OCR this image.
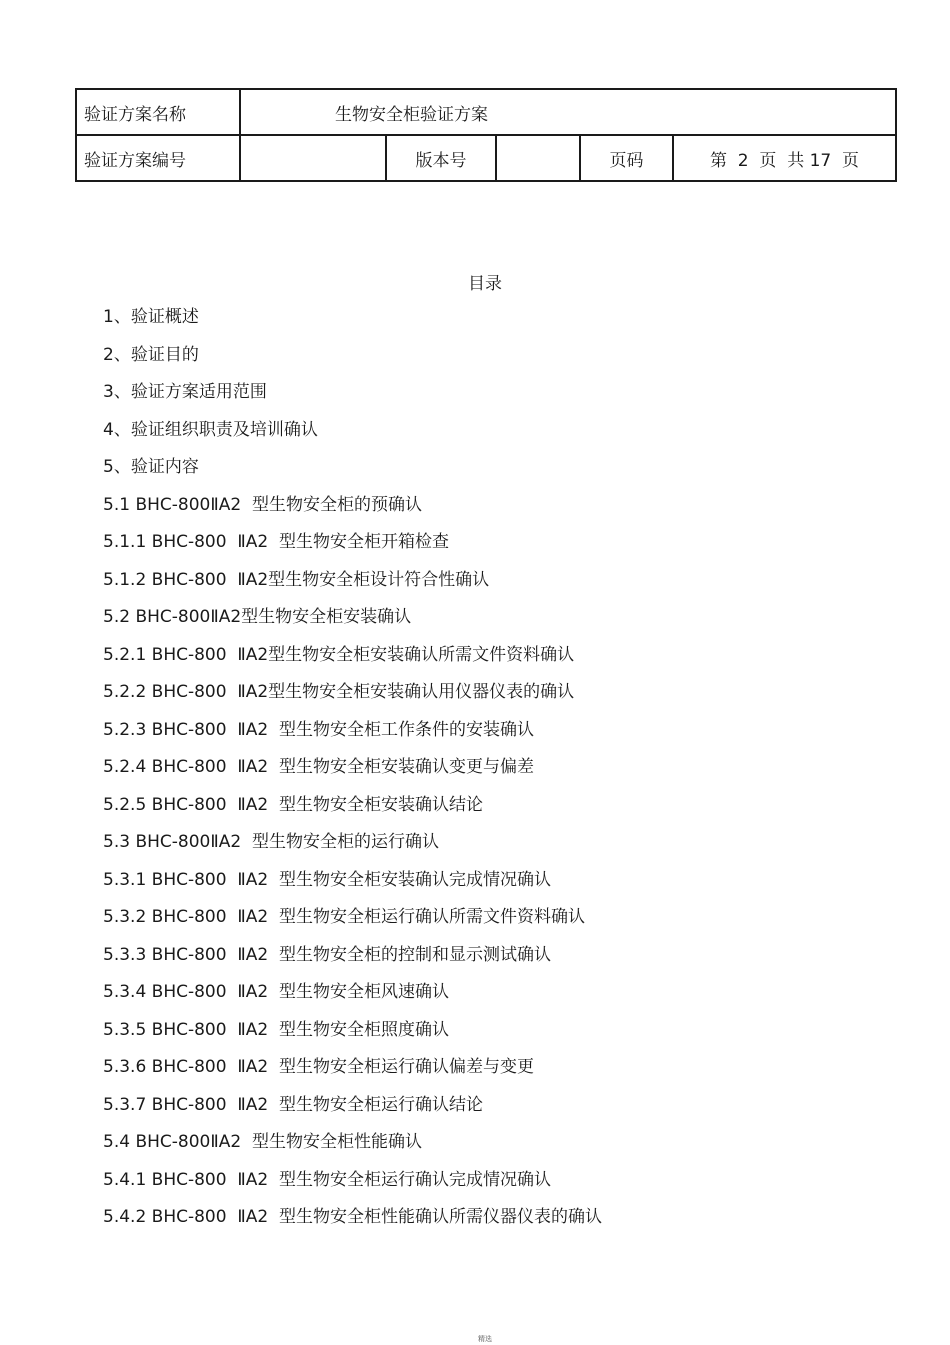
验证方案名称	生物安全柜验证方案				
验证方案编号		版本号		页码	第  2  页  共 17  页
目录
1、验证概述
2、验证目的
3、验证方案适用范围
4、验证组织职责及培训确认
5、验证内容
5.1 BHC-800ⅡA2  型生物安全柜的预确认
5.1.1 BHC-800  ⅡA2  型生物安全柜开箱检查
5.1.2 BHC-800  ⅡA2型生物安全柜设计符合性确认
5.2 BHC-800ⅡA2型生物安全柜安装确认
5.2.1 BHC-800  ⅡA2型生物安全柜安装确认所需文件资料确认
5.2.2 BHC-800  ⅡA2型生物安全柜安装确认用仪器仪表的确认
5.2.3 BHC-800  ⅡA2  型生物安全柜工作条件的安装确认
5.2.4 BHC-800  ⅡA2  型生物安全柜安装确认变更与偏差
5.2.5 BHC-800  ⅡA2  型生物安全柜安装确认结论
5.3 BHC-800ⅡA2  型生物安全柜的运行确认
5.3.1 BHC-800  ⅡA2  型生物安全柜安装确认完成情况确认
5.3.2 BHC-800  ⅡA2  型生物安全柜运行确认所需文件资料确认
5.3.3 BHC-800  ⅡA2  型生物安全柜的控制和显示测试确认
5.3.4 BHC-800  ⅡA2  型生物安全柜风速确认
5.3.5 BHC-800  ⅡA2  型生物安全柜照度确认
5.3.6 BHC-800  ⅡA2  型生物安全柜运行确认偏差与变更
5.3.7 BHC-800  ⅡA2  型生物安全柜运行确认结论
5.4 BHC-800ⅡA2  型生物安全柜性能确认
5.4.1 BHC-800  ⅡA2  型生物安全柜运行确认完成情况确认
5.4.2 BHC-800  ⅡA2  型生物安全柜性能确认所需仪器仪表的确认
精选
